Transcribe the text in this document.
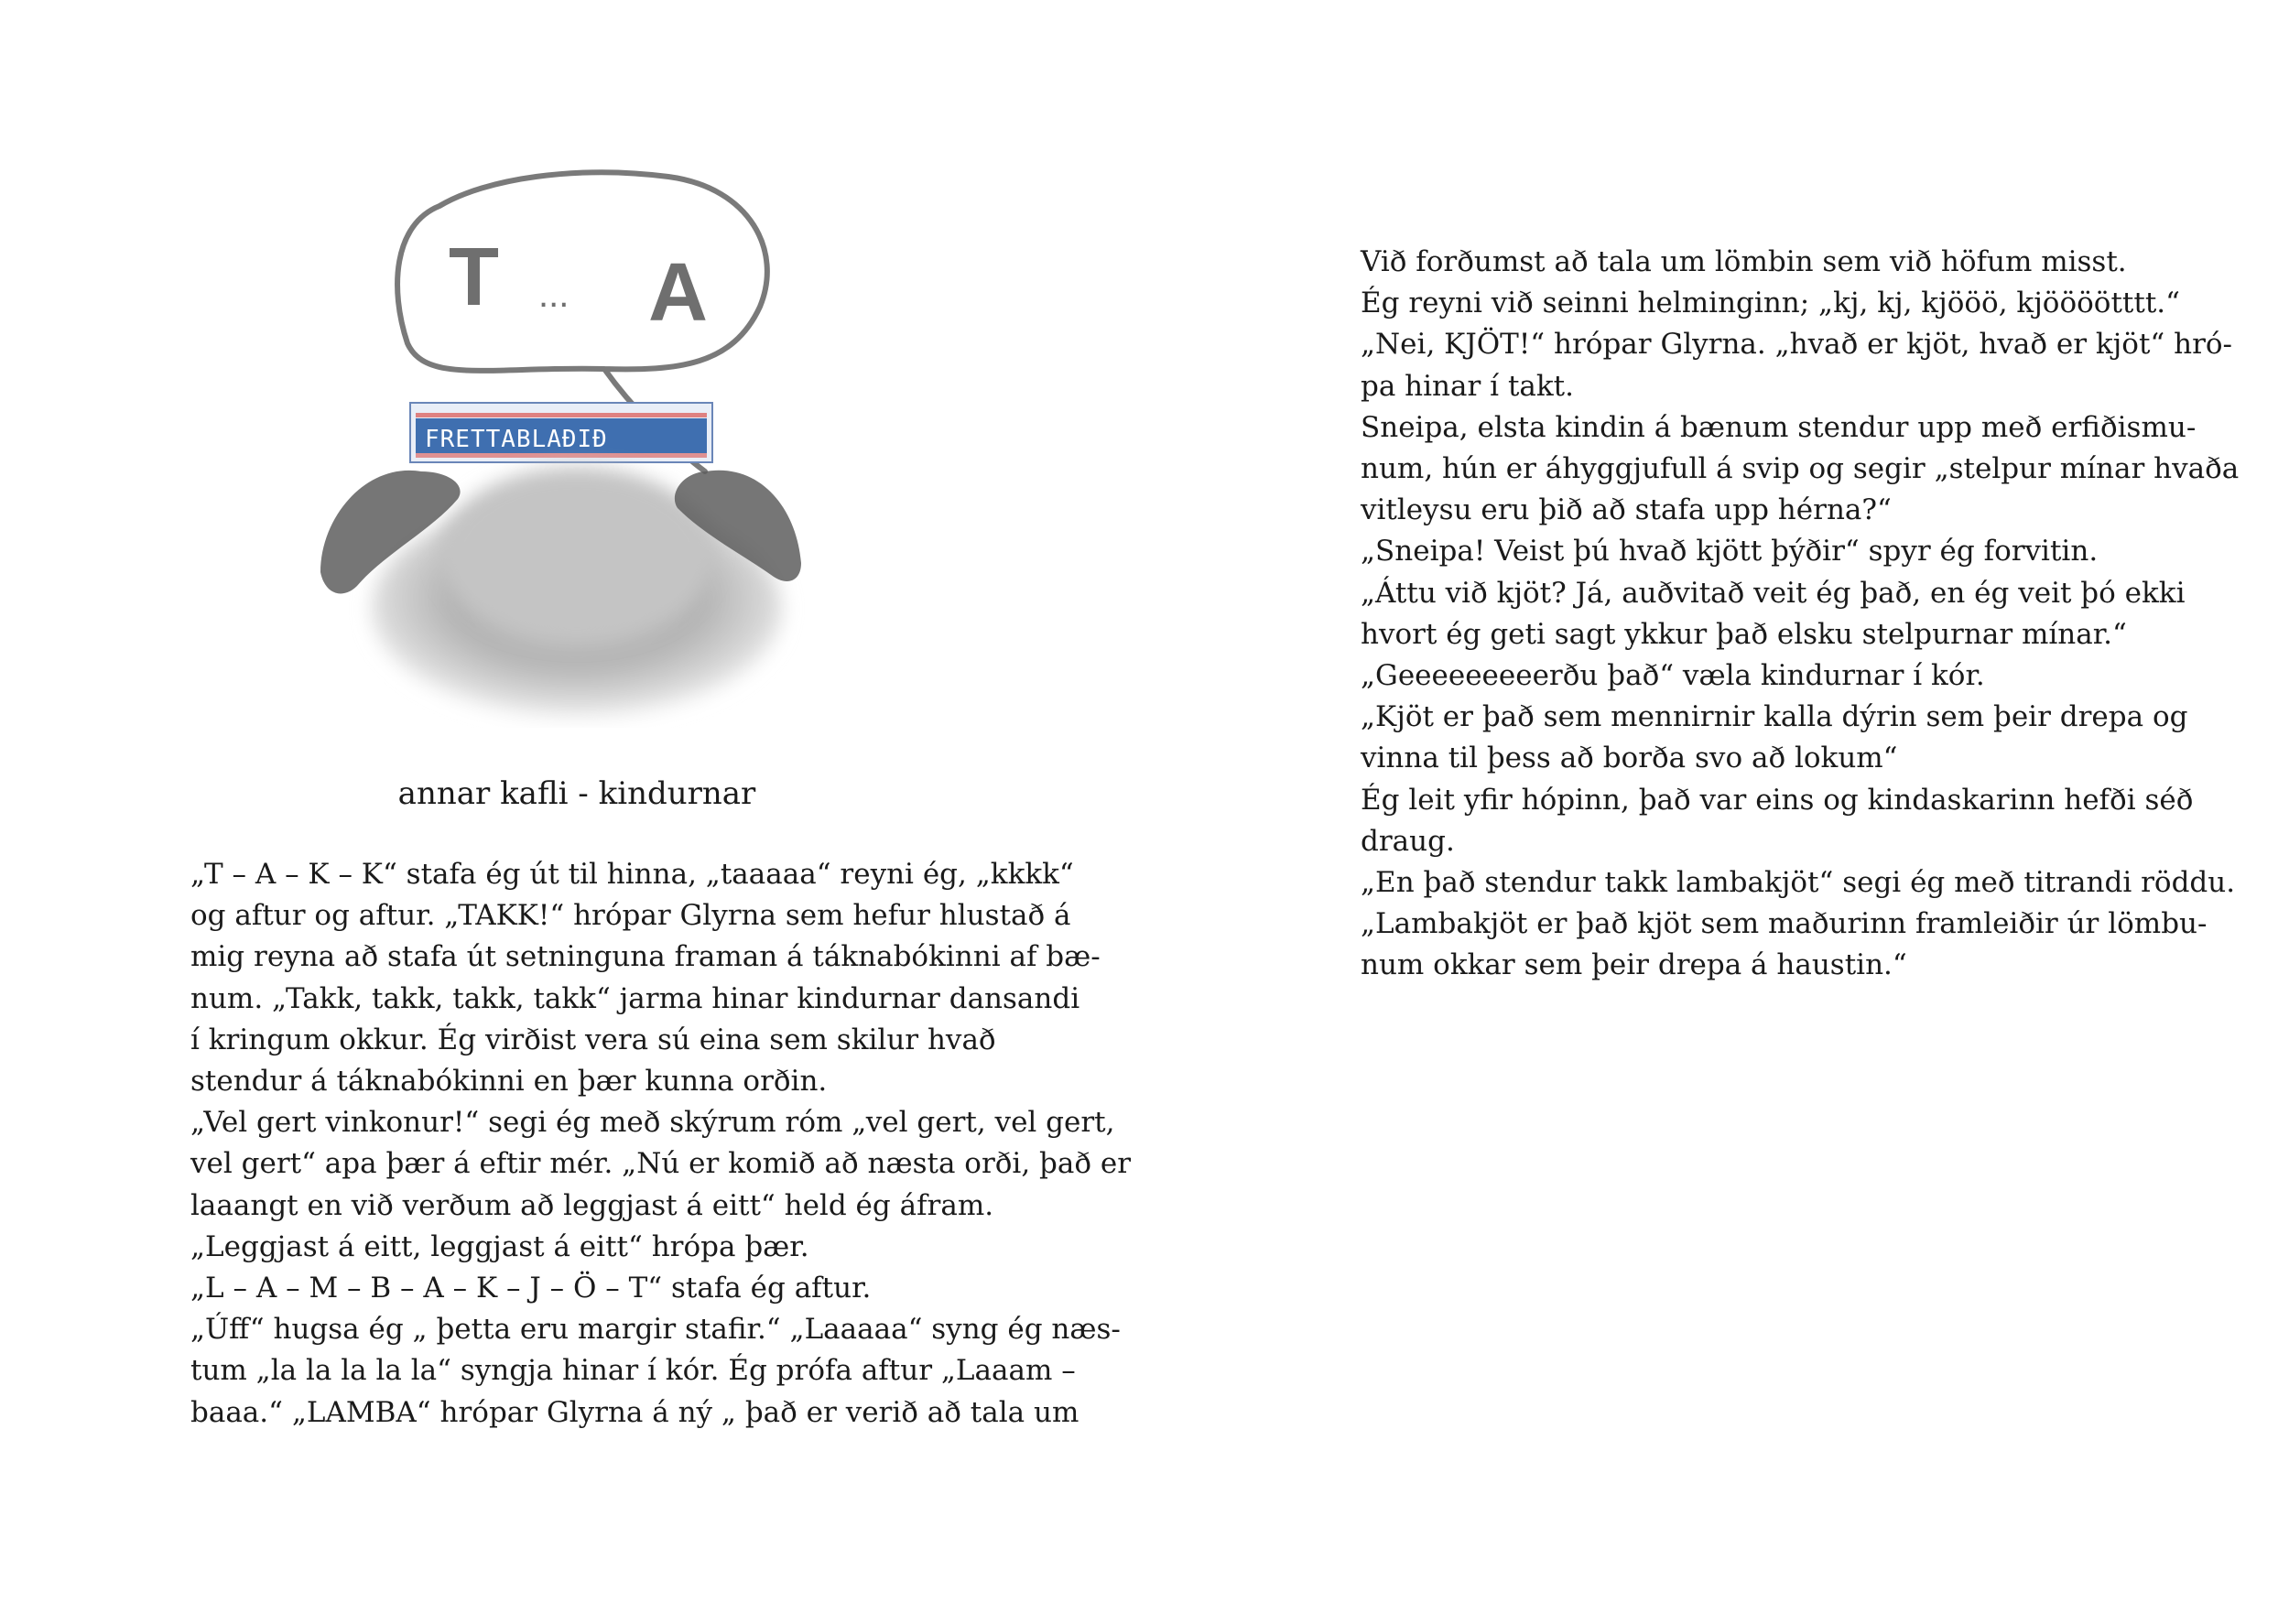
T ... A
FRETTABLAÐIÐ
annar kafli - kindurnar

„T – A – K – K“ stafa ég út til hinna, „taaaaa“ reyni ég, „kkkk“

og aftur og aftur. „TAKK!“ hrópar Glyrna sem hefur hlustað á

mig reyna að stafa út setninguna framan á táknabókinni af bæ-

num. „Takk, takk, takk, takk“ jarma hinar kindurnar dansandi

í kringum okkur. Ég virðist vera sú eina sem skilur hvað

stendur á táknabókinni en þær kunna orðin.

„Vel gert vinkonur!“ segi ég með skýrum róm „vel gert, vel gert,

vel gert“ apa þær á eftir mér. „Nú er komið að næsta orði, það er

laaangt en við verðum að leggjast á eitt“ held ég áfram.

„Leggjast á eitt, leggjast á eitt“ hrópa þær.

„L – A – M – B – A – K – J – Ö – T“ stafa ég aftur.

„Úff“ hugsa ég „ þetta eru margir stafir.“ „Laaaaa“ syng ég næs-

tum „la la la la la“ syngja hinar í kór. Ég prófa aftur „Laaam –

baaa.“ „LAMBA“ hrópar Glyrna á ný „ það er verið að tala um

Við forðumst að tala um lömbin sem við höfum misst.

Ég reyni við seinni helminginn; „kj, kj, kjööö, kjöööötttt.“

„Nei, KJÖT!“ hrópar Glyrna. „hvað er kjöt, hvað er kjöt“ hró-

pa hinar í takt.

Sneipa, elsta kindin á bænum stendur upp með erfiðismu-

num, hún er áhyggjufull á svip og segir „stelpur mínar hvaða

vitleysu eru þið að stafa upp hérna?“

„Sneipa! Veist þú hvað kjött þýðir“ spyr ég forvitin.

„Áttu við kjöt? Já, auðvitað veit ég það, en ég veit þó ekki

hvort ég geti sagt ykkur það elsku stelpurnar mínar.“

„Geeeeeeeeerðu það“ væla kindurnar í kór.

„Kjöt er það sem mennirnir kalla dýrin sem þeir drepa og

vinna til þess að borða svo að lokum“

Ég leit yfir hópinn, það var eins og kindaskarinn hefði séð

draug.

„En það stendur takk lambakjöt“ segi ég með titrandi röddu.

„Lambakjöt er það kjöt sem maðurinn framleiðir úr lömbu-

num okkar sem þeir drepa á haustin.“
